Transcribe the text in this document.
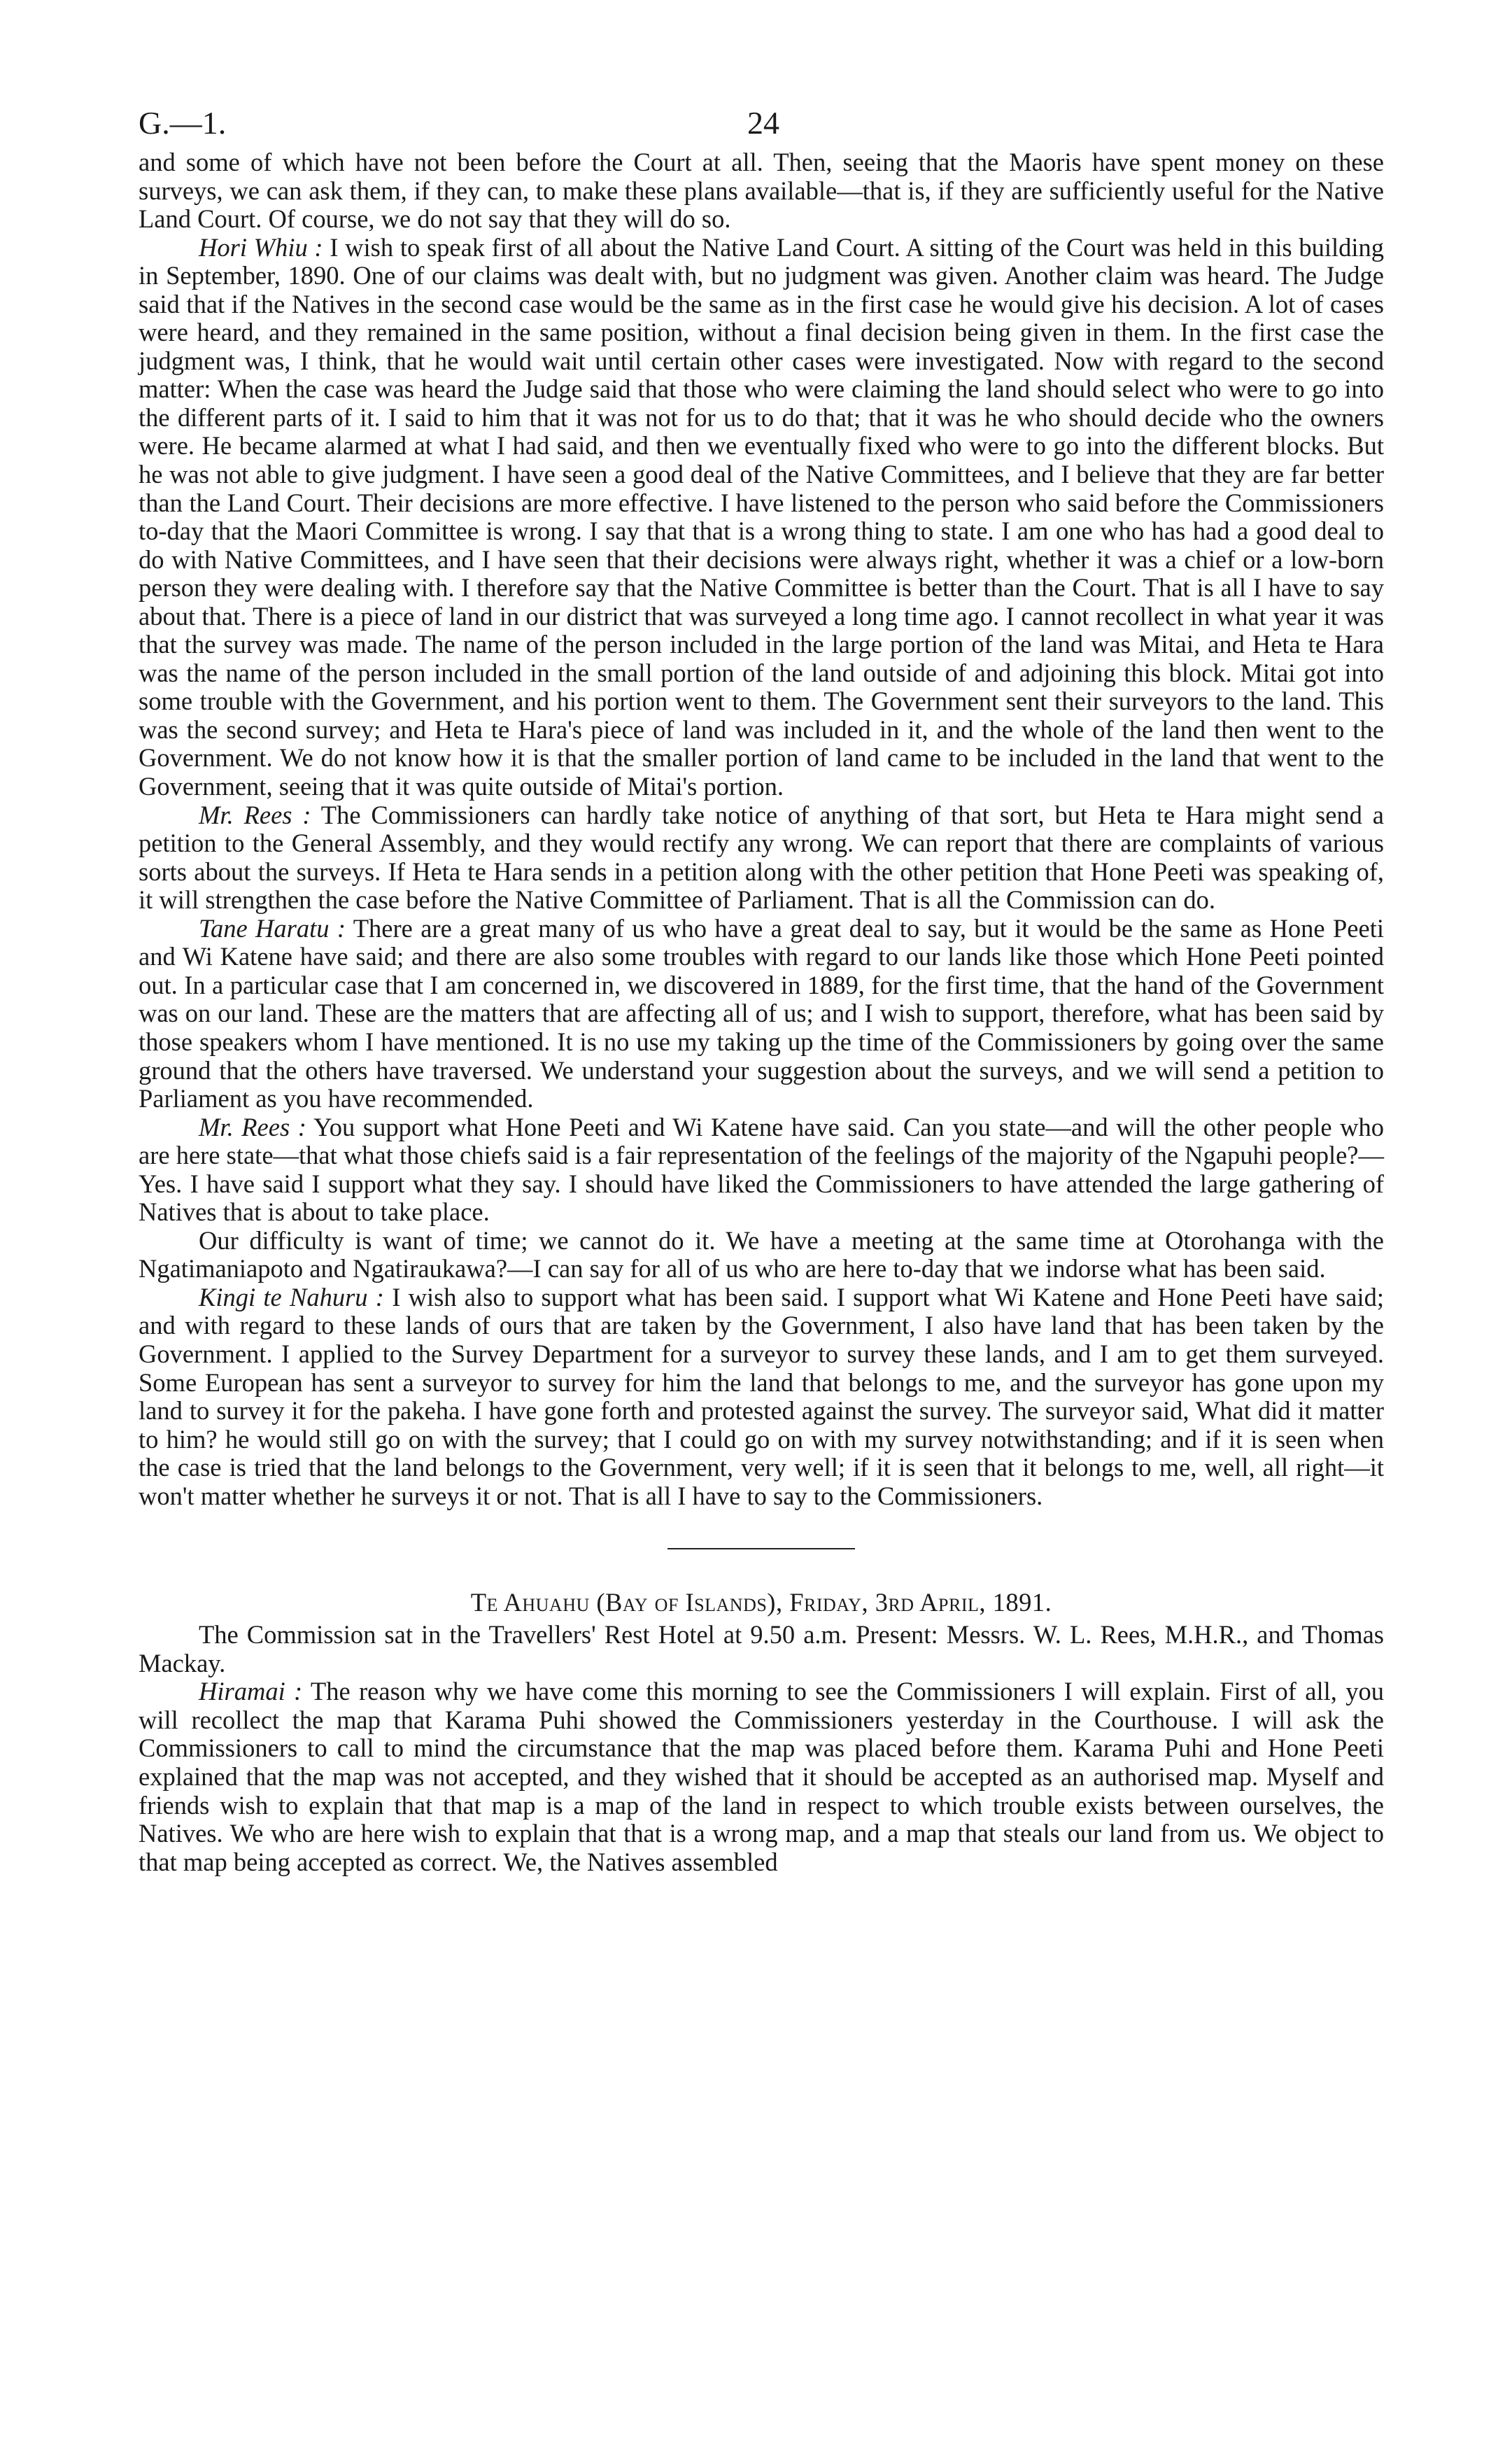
G.—1.	24

and some of which have not been before the Court at all. Then, seeing that the Maoris have spent money on these surveys, we can ask them, if they can, to make these plans available—that is, if they are sufficiently useful for the Native Land Court. Of course, we do not say that they will do so.

Hori Whiu : I wish to speak first of all about the Native Land Court. A sitting of the Court was held in this building in September, 1890. One of our claims was dealt with, but no judgment was given. Another claim was heard. The Judge said that if the Natives in the second case would be the same as in the first case he would give his decision. A lot of cases were heard, and they remained in the same position, without a final decision being given in them. In the first case the judgment was, I think, that he would wait until certain other cases were investigated. Now with regard to the second matter: When the case was heard the Judge said that those who were claiming the land should select who were to go into the different parts of it. I said to him that it was not for us to do that; that it was he who should decide who the owners were. He became alarmed at what I had said, and then we eventually fixed who were to go into the different blocks. But he was not able to give judgment. I have seen a good deal of the Native Committees, and I believe that they are far better than the Land Court. Their decisions are more effective. I have listened to the person who said before the Commissioners to-day that the Maori Committee is wrong. I say that that is a wrong thing to state. I am one who has had a good deal to do with Native Committees, and I have seen that their decisions were always right, whether it was a chief or a low-born person they were dealing with. I therefore say that the Native Committee is better than the Court. That is all I have to say about that. There is a piece of land in our district that was surveyed a long time ago. I cannot recollect in what year it was that the survey was made. The name of the person included in the large portion of the land was Mitai, and Heta te Hara was the name of the person included in the small portion of the land outside of and adjoining this block. Mitai got into some trouble with the Government, and his portion went to them. The Government sent their surveyors to the land. This was the second survey; and Heta te Hara's piece of land was included in it, and the whole of the land then went to the Government. We do not know how it is that the smaller portion of land came to be included in the land that went to the Government, seeing that it was quite outside of Mitai's portion.

Mr. Rees : The Commissioners can hardly take notice of anything of that sort, but Heta te Hara might send a petition to the General Assembly, and they would rectify any wrong. We can report that there are complaints of various sorts about the surveys. If Heta te Hara sends in a petition along with the other petition that Hone Peeti was speaking of, it will strengthen the case before the Native Committee of Parliament. That is all the Commission can do.

Tane Haratu : There are a great many of us who have a great deal to say, but it would be the same as Hone Peeti and Wi Katene have said; and there are also some troubles with regard to our lands like those which Hone Peeti pointed out. In a particular case that I am concerned in, we discovered in 1889, for the first time, that the hand of the Government was on our land. These are the matters that are affecting all of us; and I wish to support, therefore, what has been said by those speakers whom I have mentioned. It is no use my taking up the time of the Commissioners by going over the same ground that the others have traversed. We understand your suggestion about the surveys, and we will send a petition to Parliament as you have recommended.

Mr. Rees : You support what Hone Peeti and Wi Katene have said. Can you state—and will the other people who are here state—that what those chiefs said is a fair representation of the feelings of the majority of the Ngapuhi people?—Yes. I have said I support what they say. I should have liked the Commissioners to have attended the large gathering of Natives that is about to take place.

Our difficulty is want of time; we cannot do it. We have a meeting at the same time at Otorohanga with the Ngatimaniapoto and Ngatiraukawa?—I can say for all of us who are here to-day that we indorse what has been said.

Kingi te Nahuru : I wish also to support what has been said. I support what Wi Katene and Hone Peeti have said; and with regard to these lands of ours that are taken by the Government, I also have land that has been taken by the Government. I applied to the Survey Department for a surveyor to survey these lands, and I am to get them surveyed. Some European has sent a surveyor to survey for him the land that belongs to me, and the surveyor has gone upon my land to survey it for the pakeha. I have gone forth and protested against the survey. The surveyor said, What did it matter to him? he would still go on with the survey; that I could go on with my survey notwithstanding; and if it is seen when the case is tried that the land belongs to the Government, very well; if it is seen that it belongs to me, well, all right—it won't matter whether he surveys it or not. That is all I have to say to the Commissioners.

Te Ahuahu (Bay of Islands), Friday, 3rd April, 1891.

The Commission sat in the Travellers' Rest Hotel at 9.50 a.m. Present: Messrs. W. L. Rees, M.H.R., and Thomas Mackay.

Hiramai : The reason why we have come this morning to see the Commissioners I will explain. First of all, you will recollect the map that Karama Puhi showed the Commissioners yesterday in the Courthouse. I will ask the Commissioners to call to mind the circumstance that the map was placed before them. Karama Puhi and Hone Peeti explained that the map was not accepted, and they wished that it should be accepted as an authorised map. Myself and friends wish to explain that that map is a map of the land in respect to which trouble exists between ourselves, the Natives. We who are here wish to explain that that is a wrong map, and a map that steals our land from us. We object to that map being accepted as correct. We, the Natives assembled
